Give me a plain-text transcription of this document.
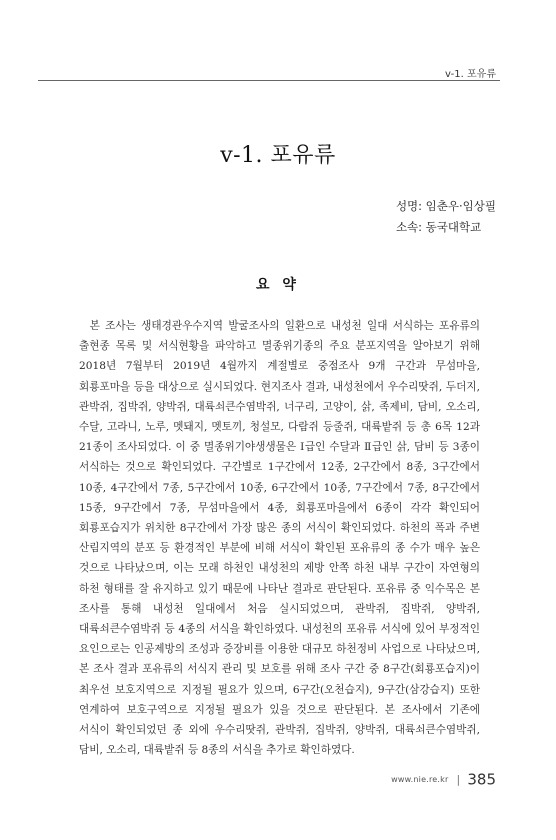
v-1. 포유류
v-1. 포유류
성명: 임춘우·임상필
소속: 동국대학교
요 약

본 조사는 생태경관우수지역 발굴조사의 일환으로 내성천 일대 서식하는 포유류의 출현종 목록 및 서식현황을 파악하고 멸종위기종의 주요 분포지역을 알아보기 위해 2018년 7월부터 2019년 4월까지 계절별로 중점조사 9개 구간과 무섬마을, 회룡포마을 등을 대상으로 실시되었다. 현지조사 결과, 내성천에서 우수리땃쥐, 두더지, 관박쥐, 집박쥐, 양박쥐, 대륙쇠큰수염박쥐, 너구리, 고양이, 삵, 족제비, 담비, 오소리, 수달, 고라니, 노루, 멧돼지, 멧토끼, 청설모, 다람쥐 등줄쥐, 대륙밭쥐 등 총 6목 12과 21종이 조사되었다. 이 중 멸종위기야생생물은 Ⅰ급인 수달과 Ⅱ급인 삵, 담비 등 3종이 서식하는 것으로 확인되었다. 구간별로 1구간에서 12종, 2구간에서 8종, 3구간에서 10종, 4구간에서 7종, 5구간에서 10종, 6구간에서 10종, 7구간에서 7종, 8구간에서 15종, 9구간에서 7종, 무섬마을에서 4종, 회룡포마을에서 6종이 각각 확인되어 회룡포습지가 위치한 8구간에서 가장 많은 종의 서식이 확인되었다. 하천의 폭과 주변 산림지역의 분포 등 환경적인 부분에 비해 서식이 확인된 포유류의 종 수가 매우 높은 것으로 나타났으며, 이는 모래 하천인 내성천의 제방 안쪽 하천 내부 구간이 자연형의 하천 형태를 잘 유지하고 있기 때문에 나타난 결과로 판단된다. 포유류 중 익수목은 본 조사를 통해 내성천 일대에서 처음 실시되었으며, 관박쥐, 집박쥐, 양박쥐, 대륙쇠큰수염박쥐 등 4종의 서식을 확인하였다. 내성천의 포유류 서식에 있어 부정적인 요인으로는 인공제방의 조성과 증장비를 이용한 대규모 하천정비 사업으로 나타났으며, 본 조사 결과 포유류의 서식지 관리 및 보호를 위해 조사 구간 중 8구간(회룡포습지)이 최우선 보호지역으로 지정될 필요가 있으며, 6구간(오천습지), 9구간(삼강습지) 또한 연계하여 보호구역으로 지정될 필요가 있을 것으로 판단된다. 본 조사에서 기존에 서식이 확인되었던 종 외에 우수리땃쥐, 관박쥐, 집박쥐, 양박쥐, 대륙쇠큰수염박쥐, 담비, 오소리, 대륙밭쥐 등 8종의 서식을 추가로 확인하였다.

www.nie.re.kr | 385
